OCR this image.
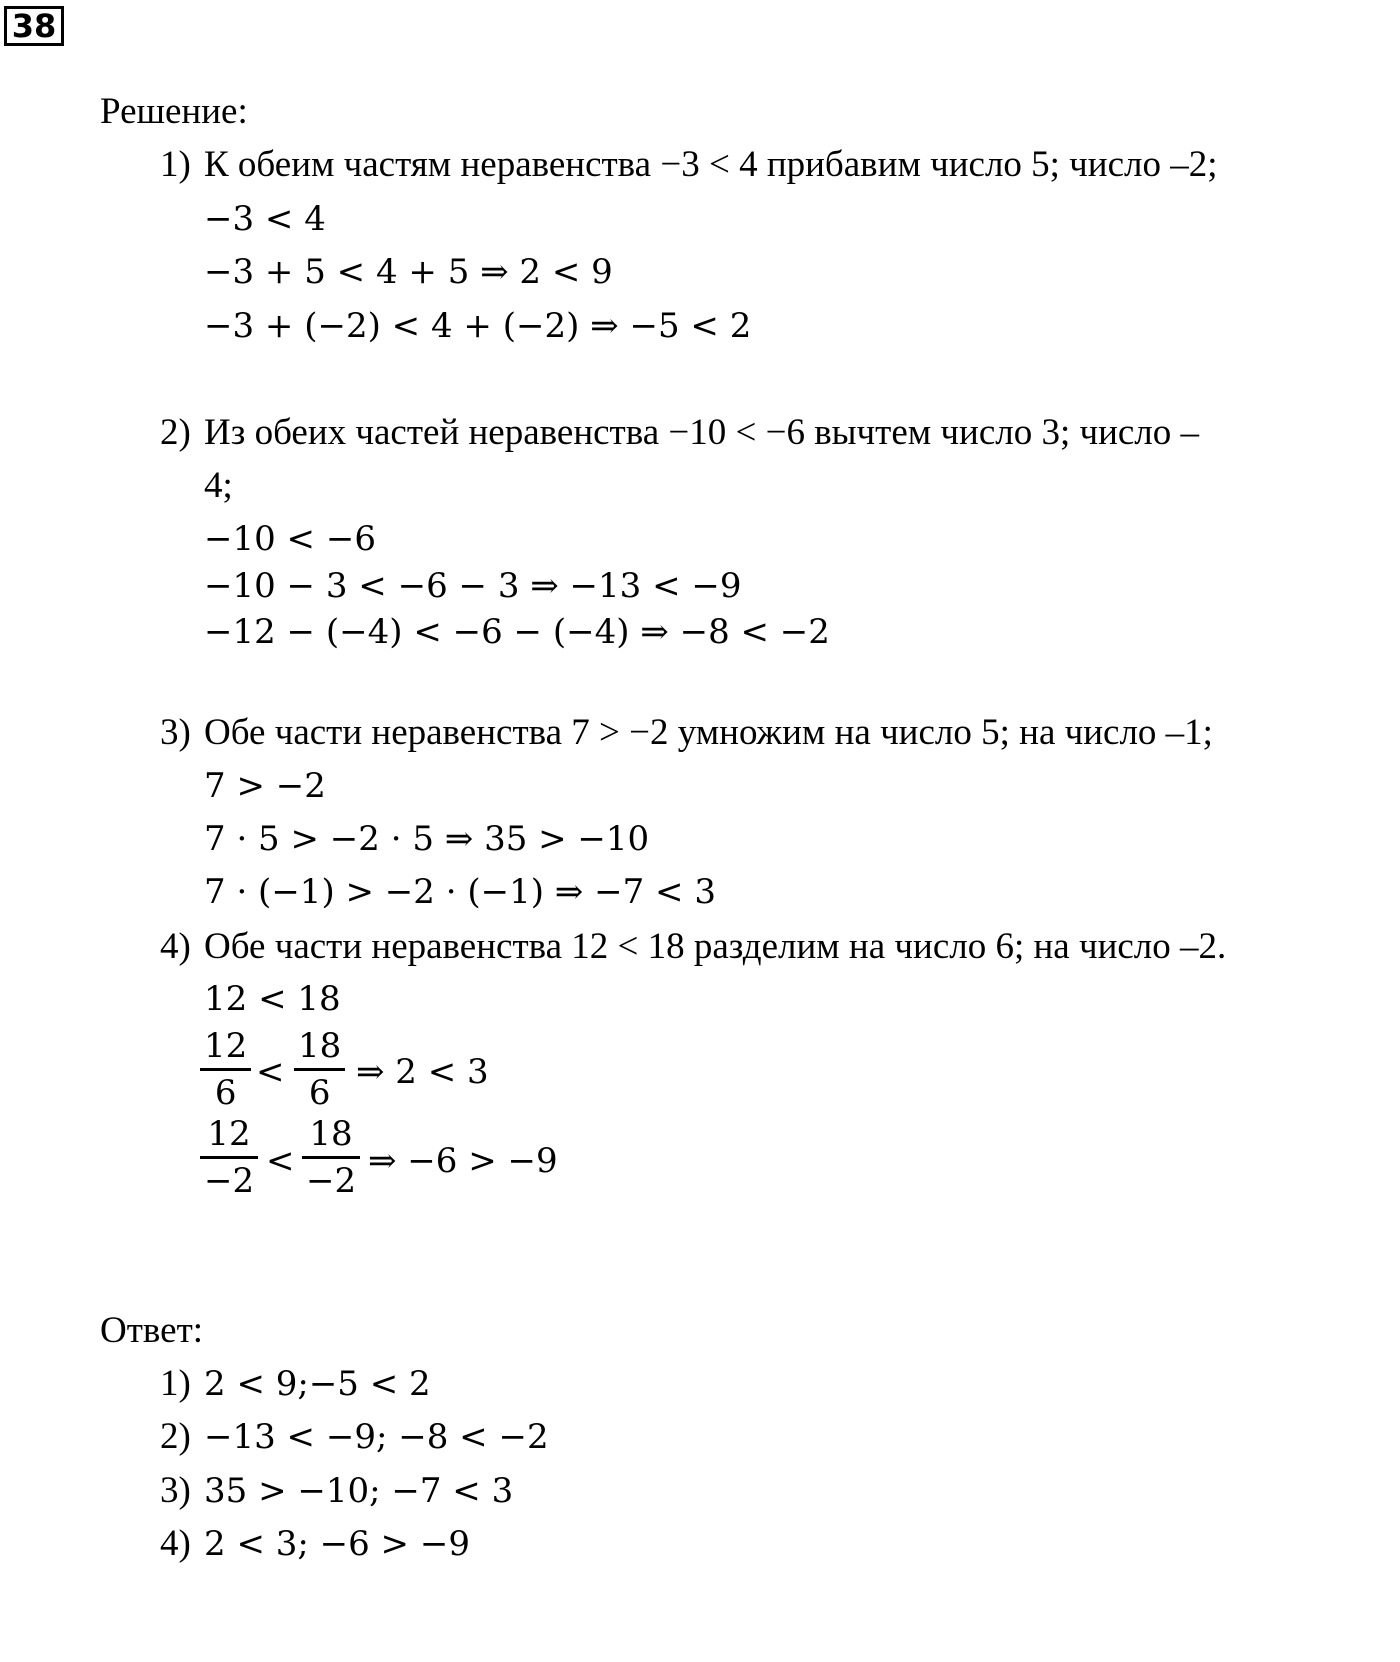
38
Решение:
1) К обеим частям неравенства −3 < 4 прибавим число 5; число –2;
−3 < 4
−3 + 5 < 4 + 5 ⇒ 2 < 9
−3 + (−2) < 4 + (−2) ⇒ −5 < 2
2) Из обеих частей неравенства −10 < −6 вычтем число 3; число –
4;
−10 < −6
−10 − 3 < −6 − 3 ⇒ −13 < −9
−12 − (−4) < −6 − (−4) ⇒ −8 < −2
3) Обе части неравенства 7 > −2 умножим на число 5; на число –1;
7 > −2
7 · 5 > −2 · 5 ⇒ 35 > −10
7 · (−1) > −2 · (−1) ⇒ −7 < 3
4) Обе части неравенства 12 < 18 разделим на число 6; на число –2.
12 < 18
12
6
<
18
6
⇒ 2 < 3
12
−2 <
18
−2 ⇒ −6 > −9
Ответ:
1) 2 < 9;−5 < 2
2) −13 < −9; −8 < −2
3) 35 > −10; −7 < 3
4) 2 < 3; −6 > −9
